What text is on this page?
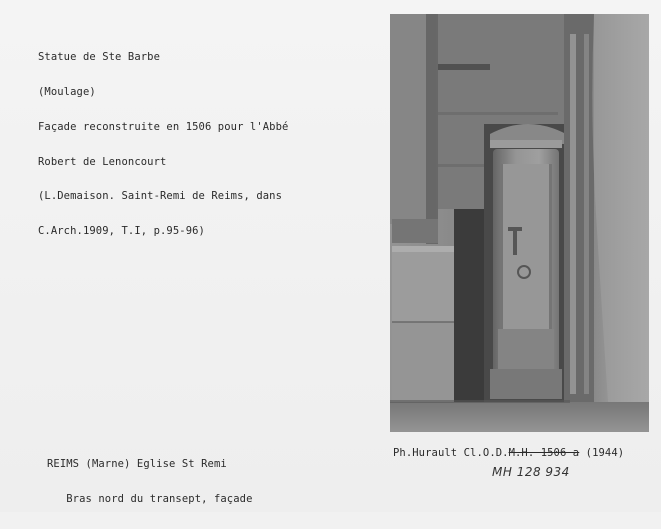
Statue de Ste Barbe

(Moulage)

Façade reconstruite en 1506 pour l'Abbé

Robert de Lenoncourt

(L.Demaison. Saint-Remi de Reims, dans

C.Arch.1909, T.I, p.95-96)

REIMS (Marne) Eglise St Remi

Bras nord du transept, façade

Ph.Hurault Cl.O.D.M.H. 1506 a (1944)
MH 128 934
